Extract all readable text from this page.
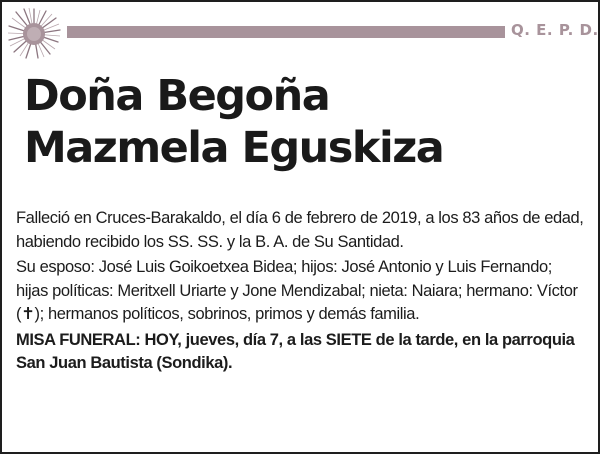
Q. E. P. D.
Doña Begoña
Mazmela Eguskiza

Falleció en Cruces-Barakaldo, el día 6 de febrero de 2019, a los 83 años de edad, habiendo recibido los SS. SS. y la B. A. de Su Santidad.

Su esposo: José Luis Goikoetxea Bidea; hijos: José Antonio y Luis Fernando; hijas políticas: Meritxell Uriarte y Jone Mendizabal; nieta: Naiara; hermano: Víctor (✝); hermanos políticos, sobrinos, primos y demás familia.

MISA FUNERAL: HOY, jueves, día 7, a las SIETE de la tarde, en la parroquia San Juan Bautista (Sondika).
